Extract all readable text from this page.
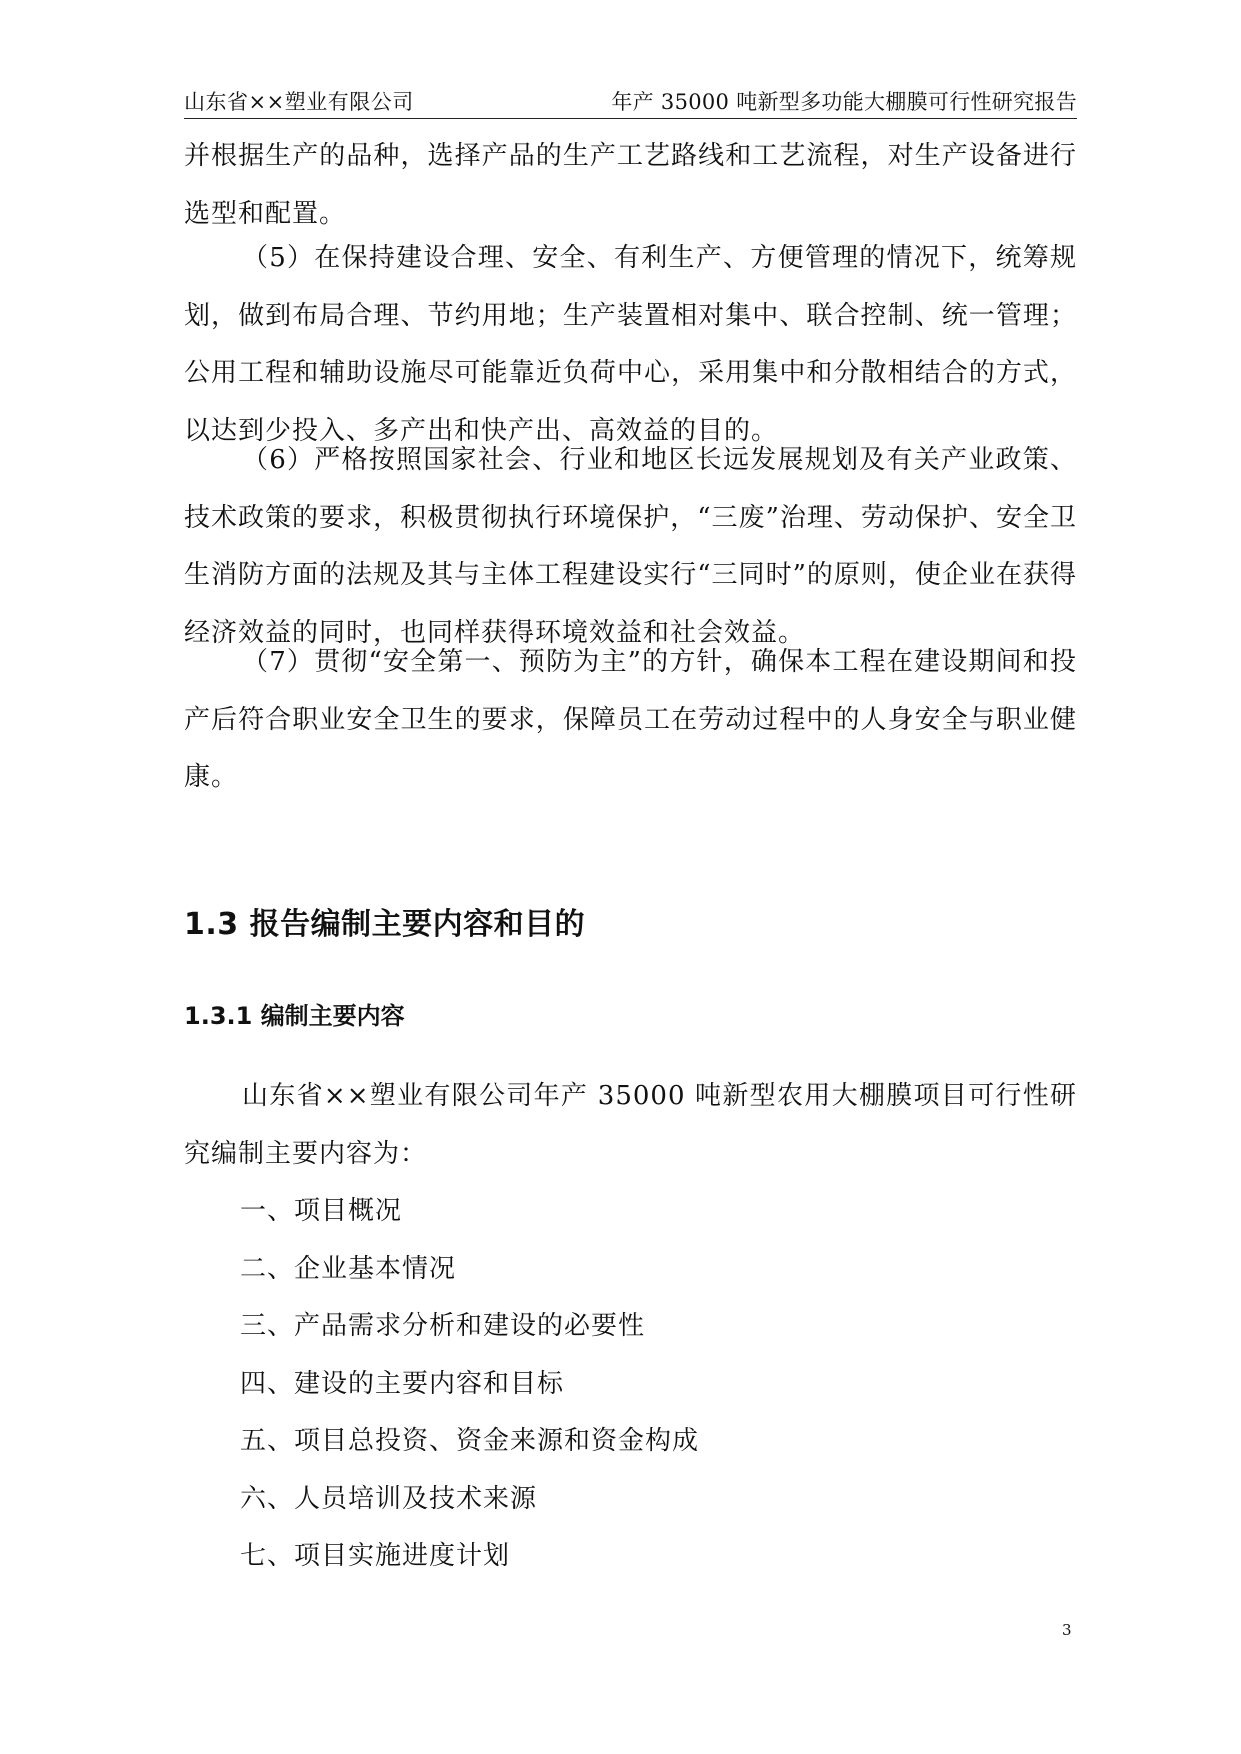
山东省××塑业有限公司	年产 35000 吨新型多功能大棚膜可行性研究报告

并根据生产的品种，选择产品的生产工艺路线和工艺流程，对生产设备进行选型和配置。

（5）在保持建设合理、安全、有利生产、方便管理的情况下，统筹规划，做到布局合理、节约用地；生产装置相对集中、联合控制、统一管理；公用工程和辅助设施尽可能靠近负荷中心，采用集中和分散相结合的方式，以达到少投入、多产出和快产出、高效益的目的。

（6）严格按照国家社会、行业和地区长远发展规划及有关产业政策、技术政策的要求，积极贯彻执行环境保护，“三废”治理、劳动保护、安全卫生消防方面的法规及其与主体工程建设实行“三同时”的原则，使企业在获得经济效益的同时，也同样获得环境效益和社会效益。

（7）贯彻“安全第一、预防为主”的方针，确保本工程在建设期间和投产后符合职业安全卫生的要求，保障员工在劳动过程中的人身安全与职业健康。

1.3 报告编制主要内容和目的
1.3.1 编制主要内容

山东省××塑业有限公司年产 35000 吨新型农用大棚膜项目可行性研究编制主要内容为：

一、项目概况
二、企业基本情况
三、产品需求分析和建设的必要性
四、建设的主要内容和目标
五、项目总投资、资金来源和资金构成
六、人员培训及技术来源
七、项目实施进度计划
3
